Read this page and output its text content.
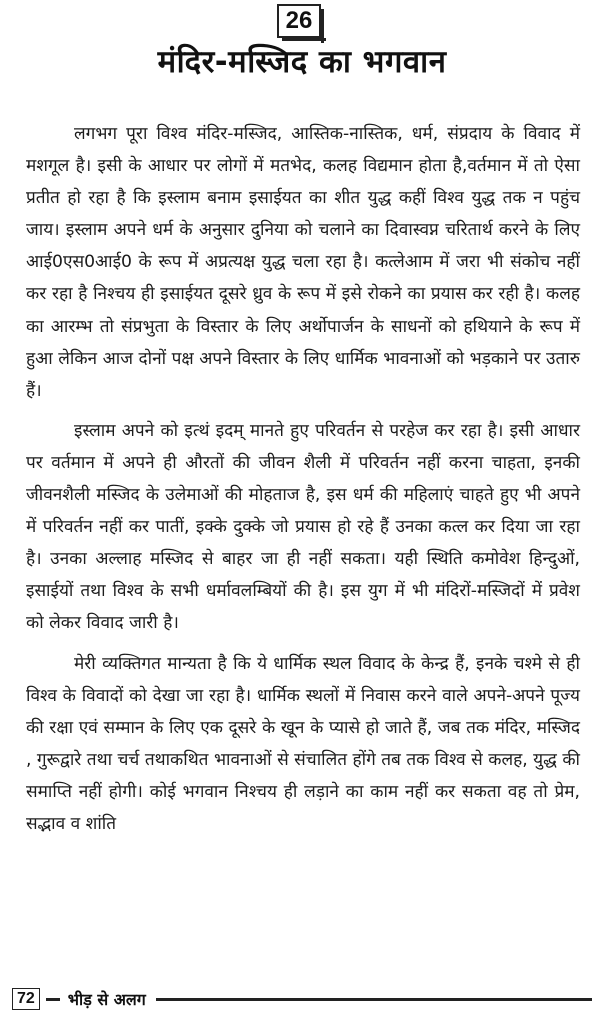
26
मंदिर-मस्जिद का भगवान

लगभग पूरा विश्व मंदिर-मस्जिद, आस्तिक-नास्तिक, धर्म, संप्रदाय के विवाद में मशगूल है। इसी के आधार पर लोगों में मतभेद, कलह विद्यमान होता है,वर्तमान में तो ऐसा प्रतीत हो रहा है कि इस्लाम बनाम इसाईयत का शीत युद्ध कहीं विश्व युद्ध तक न पहुंच जाय। इस्लाम अपने धर्म के अनुसार दुनिया को चलाने का दिवास्वप्न चरितार्थ करने के लिए आई0एस0आई0 के रूप में अप्रत्यक्ष युद्ध चला रहा है। कत्लेआम में जरा भी संकोच नहीं कर रहा है निश्चय ही इसाईयत दूसरे ध्रुव के रूप में इसे रोकने का प्रयास कर रही है। कलह का आरम्भ तो संप्रभुता के विस्तार के लिए अर्थोपार्जन के साधनों को हथियाने के रूप में हुआ लेकिन आज दोनों पक्ष अपने विस्तार के लिए धार्मिक भावनाओं को भड़काने पर उतारु हैं।

इस्लाम अपने को इत्थं इदम् मानते हुए परिवर्तन से परहेज कर रहा है। इसी आधार पर वर्तमान में अपने ही औरतों की जीवन शैली में परिवर्तन नहीं करना चाहता, इनकी जीवनशैली मस्जिद के उलेमाओं की मोहताज है, इस धर्म की महिलाएं चाहते हुए भी अपने में परिवर्तन नहीं कर पातीं, इक्के दुक्के जो प्रयास हो रहे हैं उनका कत्ल कर दिया जा रहा है। उनका अल्लाह मस्जिद से बाहर जा ही नहीं सकता। यही स्थिति कमोवेश हिन्दुओं, इसाईयों तथा विश्व के सभी धर्मावलम्बियों की है। इस युग में भी मंदिरों-मस्जिदों में प्रवेश को लेकर विवाद जारी है।

मेरी व्यक्तिगत मान्यता है कि ये धार्मिक स्थल विवाद के केन्द्र हैं, इनके चश्मे से ही विश्व के विवादों को देखा जा रहा है। धार्मिक स्थलों में निवास करने वाले अपने-अपने पूज्य की रक्षा एवं सम्मान के लिए एक दूसरे के खून के प्यासे हो जाते हैं, जब तक मंदिर, मस्जिद , गुरूद्वारे तथा चर्च तथाकथित भावनाओं से संचालित होंगे तब तक विश्व से कलह, युद्ध की समाप्ति नहीं होगी। कोई भगवान निश्चय ही लड़ाने का काम नहीं कर सकता वह तो प्रेम, सद्भाव व शांति

72	भीड़ से अलग
